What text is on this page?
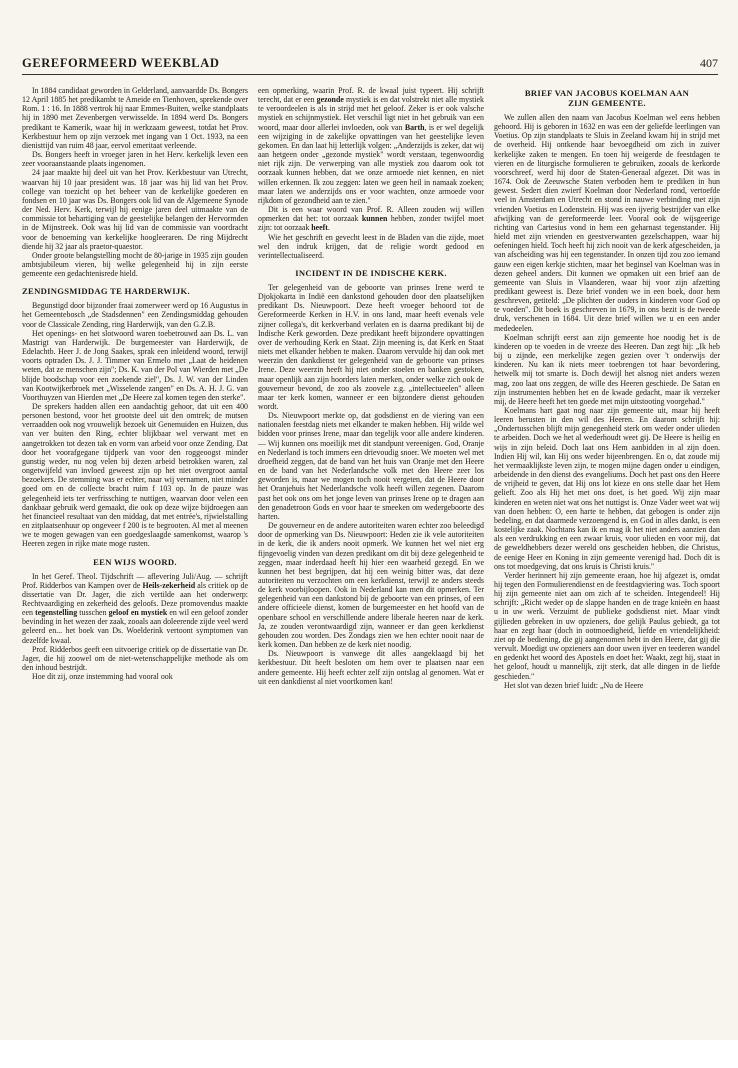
GEREFORMEERD WEEKBLAD	407

In 1884 candidaat geworden in Gelderland, aanvaardde Ds. Bongers 12 April 1885 het predikambt te Ameide en Tienhoven, sprekende over Rom. 1 : 16. In 1888 vertrok hij naar Emmes-Buiten, welke standplaats hij in 1890 met Zevenbergen verwisselde. In 1894 werd Ds. Bongers predikant te Kamerik, waar hij in werkzaam geweest, totdat het Prov. Kerkbestuur hem op zijn verzoek met ingang van 1 Oct. 1933, na een dienisttijd van ruim 48 jaar, eervol emeritaat verleende.

Ds. Bongers heeft in vroeger jaren in het Herv. kerkelijk leven een zeer vooraanstaande plaats ingenomen.

24 jaar maakte hij deel uit van het Prov. Kerkbestuur van Utrecht, waarvan hij 10 jaar president was. 18 jaar was hij lid van het Prov. college van toezicht op het beheer van de kerkelijke goederen en fondsen en 10 jaar was Ds. Bongers ook lid van de Algemeene Synode der Ned. Herv. Kerk, terwijl hij eenige jaren deel uitmaakte van de commissie tot behartiging van de geestelijke belangen der Hervormden in de Mijnstreek. Ook was hij lid van de commissie van voordracht voor de benoeming van kerkelijke hoogleeraren. De ring Mijdrecht diende hij 32 jaar als praetor-quaestor.

Onder groote belangstelling mocht de 80-jarige in 1935 zijn gouden ambtsjubileum vieren, bij welke gelegenheid hij in zijn eerste gemeente een gedachtenisrede hield.

ZENDINGSMIDDAG TE HARDERWIJK.

Begunstigd door bijzonder fraai zomerweer werd op 16 Augustus in het Gemeentebosch „de Stadsdennen" een Zendingsmiddag gehouden voor de Classicale Zending, ring Harderwijk, van den G.Z.B.

Het openings- en het slotwoord waren toebetrouwd aan Ds. L. van Mastrigt van Harderwijk. De burgemeester van Harderwijk, de Edelachtb. Heer J. de Jong Saakes, sprak een inleidend woord, terwijl voorts optraden Ds. J. J. Timmer van Ermelo met „Laat de heidenen weten, dat ze menschen zijn"; Ds. K. van der Pol van Wierden met „De blijde boodschap voor een zoekende ziel", Ds. J. W. van der Linden van Kootwijkerbroek met „Wisselende zangen" en Ds. A. H. J. G. van Voorthuyzen van Hierden met „De Heere zal komen tegen den sterke".

De sprekers hadden allen een aandachtig gehoor, dat uit een 400 personen bestond, voor het grootste deel uit den omtrek; de mutsen verraadden ook nog vrouwelijk bezoek uit Genemuiden en Huizen, dus van ver buiten den Ring, echter blijkbaar wel verwant met en aangetrokken tot dezen tak en vorm van arbeid voor onze Zending. Dat door het voorafgegane tijdperk van voor den roggeoogst minder gunstig weder, nu nog velen bij dezen arbeid betrokken waren, zal ongetwijfeld van invloed geweest zijn op het niet overgroot aantal bezoekers. De stemming was er echter, naar wij vernamen, niet minder goed om en de collecte bracht ruim f 103 op. In de pauze was gelegenheid iets ter verfrissching te nuttigen, waarvan door velen een dankbaar gebruik werd gemaakt, die ook op deze wijze bijdroegen aan het financieel resultaat van den middag, dat met entrée's, rijwielstalling en zitplaatsenhuur op ongeveer f 200 is te begrooten. Al met al meenen we te mogen gewagen van een goedgeslaagde samenkomst, waarop 's Heeren zegen in rijke mate moge rusten.

EEN WIJS WOORD.

In het Geref. Theol. Tijdschrift — aflevering Juli/Aug. — schrijft Prof. Ridderbos van Kampen over de Heils-zekerheid als critiek op de dissertatie van Dr. Jager, die zich vertilde aan het onderwerp: Rechtvaardiging en zekerheid des geloofs. Deze promovendus maakte een tegenstelling tusschen geloof en mystiek en wil een geloof zonder bevinding in het wezen der zaak, zooals aan doleerende zijde veel werd geleerd en... het boek van Ds. Woelderink vertoont symptomen van dezelfde kwaal.

Prof. Ridderbos geeft een uitvoerige critiek op de dissertatie van Dr. Jager, die hij zoowel om de niet-wetenschappelijke methode als om den inhoud bestrijdt.

Hoe dit zij, onze instemming had vooral ook

een opmerking, waarin Prof. R. de kwaal juist typeert. Hij schrijft terecht, dat er een gezonde mystiek is en dat volstrekt niet alle mystiek te veroordeelen is als in strijd met het geloof. Zeker is er ook valsche mystiek en schijnmystiek. Het verschil ligt niet in het gebruik van een woord, maar door allerlei invloeden, ook van Barth, is er wel degelijk een wijziging in de zakelijke opvattingen van het geestelijke leven gekomen. En dan laat hij letterlijk volgen: „Anderzijds is zeker, dat wij aan hetgeen onder „gezonde mystiek" wordt verstaan, tegenwoordig niet rijk zijn. De verwerping van alle mystiek zou daarom ook tot oorzaak kunnen hebben, dat we onze armoede niet kennen, en niet willen erkennen. Ik zou zeggen: laten we geen heil in namaak zoeken; maar laten we anderzijds ons er voor wachten, onze armoede voor rijkdom of gezondheid aan te zien."

Dit is een waar woord van Prof. R. Alleen zouden wij willen opmerken dat het: tot oorzaak kunnen hebben, zonder twijfel moet zijn: tot oorzaak heeft.

Wie het geschrift en gevecht leest in de Bladen van die zijde, moet wel den indruk krijgen, dat de religie wordt gedood en verintellectualiseerd.

INCIDENT IN DE INDISCHE KERK.

Ter gelegenheid van de geboorte van prinses Irene werd te Djokjokarta in Indië een dankstond gehouden door den plaatselijken predikant Ds. Nieuwpoort. Deze heeft vroeger behoord tot de Gereformeerde Kerken in H.V. in ons land, maar heeft evenals vele zijner collega's, dit kerkverband verlaten en is daarna predikant bij de Indische Kerk geworden. Deze predikant heeft bijzondere opvattingen over de verhouding Kerk en Staat. Zijn meening is, dat Kerk en Staat niets met elkander hebben te maken. Daarom vervulde hij dan ook met weerzin den dankdienst ter gelegenheid van de geboorte van prinses Irene. Deze weerzin heeft hij niet onder stoelen en banken gestoken, maar openlijk aan zijn hoorders laten merken, onder welke zich ook de gouverneur bevond, de zoo als zoovele z.g. „intellectueelen" alleen maar ter kerk komen, wanneer er een bijzondere dienst gehouden wordt.

Ds. Nieuwpoort merkte op, dat godsdienst en de viering van een nationalen feestdag niets met elkander te maken hebben. Hij wilde wel bidden voor prinses Irene, maar dan tegelijk voor alle andere kinderen. — Wij kunnen ons moeilijk met dit standpunt vereenigen. God, Oranje en Nederland is toch immers een drievoudig snoer. We moeten wel met droefheid zeggen, dat de band van het huis van Oranje met den Heere en de band van het Nederlandsche volk met den Heere zeer los geworden is, maar we mogen toch nooit vergeten, dat de Heere door het Oranjehuis het Nederlandsche volk heeft willen zegenen. Daarom past het ook ons om het jonge leven van prinses Irene op te dragen aan den genadetroon Gods en voor haar te smeeken om wedergeboorte des harten.

De gouverneur en de andere autoriteiten waren echter zoo beleedigd door de opmerking van Ds. Nieuwpoort: Heden zie ik vele autoriteiten in de kerk, die ik anders nooit opmerk. We kunnen het wel niet erg fijngevoelig vinden van dezen predikant om dit bij deze gelegenheid te zeggen, maar inderdaad heeft hij hier een waarheid gezegd. En we kunnen het best begrijpen, dat hij een weinig bitter was, dat deze autoriteiten nu verzochten om een kerkdienst, terwijl ze anders steeds de kerk voorbijloopen. Ook in Nederland kan men dit opmerken. Ter gelegenheid van een dankstond bij de geboorte van een prinses, of een andere officieele dienst, komen de burgemeester en het hoofd van de openbare school en verschillende andere liberale heeren naar de kerk. Ja, ze zouden verontwaardigd zijn, wanneer er dan geen kerkdienst gehouden zou worden. Des Zondags zien we hen echter nooit naar de kerk komen. Dan hebben ze de kerk niet noodig.

Ds. Nieuwpoort is vanwege dit alles aangeklaagd bij het kerkbestuur. Dit heeft besloten om hem over te plaatsen naar een andere gemeente. Hij heeft echter zelf zijn ontslag al genomen. Wat er uit een dankdienst al niet voortkomen kan!

BRIEF VAN JACOBUS KOELMAN AAN
ZIJN GEMEENTE.

We zullen allen den naam van Jacobus Koelman wel eens hebben gehoord. Hij is geboren in 1632 en was een der geliefde leerlingen van Voetius. Op zijn standplaats te Sluis in Zeeland kwam hij in strijd met de overheid. Hij ontkende haar bevoegdheid om zich in zuiver kerkelijke zaken te mengen. En toen hij weigerde de feestdagen te vieren en de liturgische formulieren te gebruiken, zooals de kerkorde voorschreef, werd hij door de Staten-Generaal afgezet. Dit was in 1674. Ook de Zeeuwsche Staten verboden hem te prediken in hun gewest. Sedert dien zwierf Koelman door Nederland rond, vertoefde veel in Amsterdam en Utrecht en stond in nauwe verbinding met zijn vrienden Voetius en Lodenstein. Hij was een ijverig bestrijder van elke afwijking van de gereformeerde leer. Vooral ook de wijsgeerige richting van Cartesius vond in hem een geharnast tegenstander. Hij hield met zijn vrienden en geestverwanten gezelschappen, waar hij oefeningen hield. Toch heeft hij zich nooit van de kerk afgescheiden, ja van afscheiding was hij een tegenstander. In onzen tijd zou zoo iemand gauw een eigen kerkje stichten, maar het beginsel van Koelman was in dezen geheel anders. Dit kunnen we opmaken uit een brief aan de gemeente van Sluis in Vlaanderen, waar hij voor zijn afzetting predikant geweest is. Deze brief vonden we in een boek, door hem geschreven, getiteld: „De plichten der ouders in kinderen voor God op te voeden". Dit boek is geschreven in 1679, in ons bezit is de tweede druk, verschenen in 1684. Uit deze brief willen we u en een ander mededeelen.

Koelman schrijft eerst aan zijn gemeente hoe noodig het is de kinderen op te voeden in de vreeze des Heeren. Dan zegt hij: „Ik heb bij u zijnde, een merkelijke zegen gezien over 't onderwijs der kinderen. Nu kan ik niets meer toebrengen tot haar bevordering, hetwelk mij tot smarte is. Doch dewijl het alsnog niet anders wezen mag, zoo laat ons zeggen, de wille des Heeren geschiede. De Satan en zijn instrumenten hebben het en de kwade gedacht, maar ik verzeker mij, de Heere heeft het ten goede met mijn uitstooting voorgehad."

Koelmans hart gaat nog naar zijn gemeente uit, maar hij heeft leeren berusten in den wil des Heeren. En daarom schrijft hij: „Ondertusschen blijft mijn genegenheid sterk om weder onder ulieden te arbeiden. Doch we het al wederhoudt weet gij. De Heere is heilig en wijs in zijn beleid. Doch laat ons Hem aanbidden in al zijn doen. Indien Hij wil, kan Hij ons weder bijeenbrengen. En o, dat zoude mij het vermaaklijkste leven zijn, te mogen mijne dagen onder u eindigen, arbeidende in den dienst des evangeliums. Doch het past ons den Heere de vrijheid te geven, dat Hij ons lot kieze en ons stelle daar het Hem gelieft. Zoo als Hij het met ons doet, is het goed. Wij zijn maar kinderen en weten niet wat ons het nuttigst is. Onze Vader weet wat wij van doen hebben: O, een harte te hebben, dat gebogen is onder zijn bedeling, en dat daarmede verzoengend is, en God in alles dankt, is een kostelijke zaak. Nochtans kan ik en mag ik het niet anders aanzien dan als een verdrukking en een zwaar kruis, voor ulieden en voor mij, dat de geweldhebbers dezer wereld ons gescheiden hebben, die Christus, de eenige Heer en Koning in zijn gemeente verenigd had. Doch dit is ons tot moedgeving, dat ons kruis is Christi kruis."

Verder herinnert hij zijn gemeente eraan, hoe hij afgezet is, omdat hij tegen den Formulierendienst en de feestdagviering was. Toch spoort hij zijn gemeente niet aan om zich af te scheiden. Integendeel! Hij schrijft: „Richt weder op de slappe handen en de trage knieën en haast u in uw werk. Verzuimt de publieke godsdienst niet. Maar vindt gijlieden gebreken in uw opzieners, doe gelijk Paulus gebiedt, ga tot haar en zegt haar (doch in ootmoedigheid, liefde en vriendelijkheid: ziet op de bediening, die gij aangenomen hebt in den Heere, dat gij die vervult. Moedigt uw opzieners aan door uwen ijver en teederen wandel en gedenkt het woord des Apostels en doet het: Waakt, zegt hij, staat in het geloof, houdt u mannelijk, zijt sterk, dat alle dingen in de liefde geschieden."

Het slot van dezen brief luidt: „Nu de Heere
